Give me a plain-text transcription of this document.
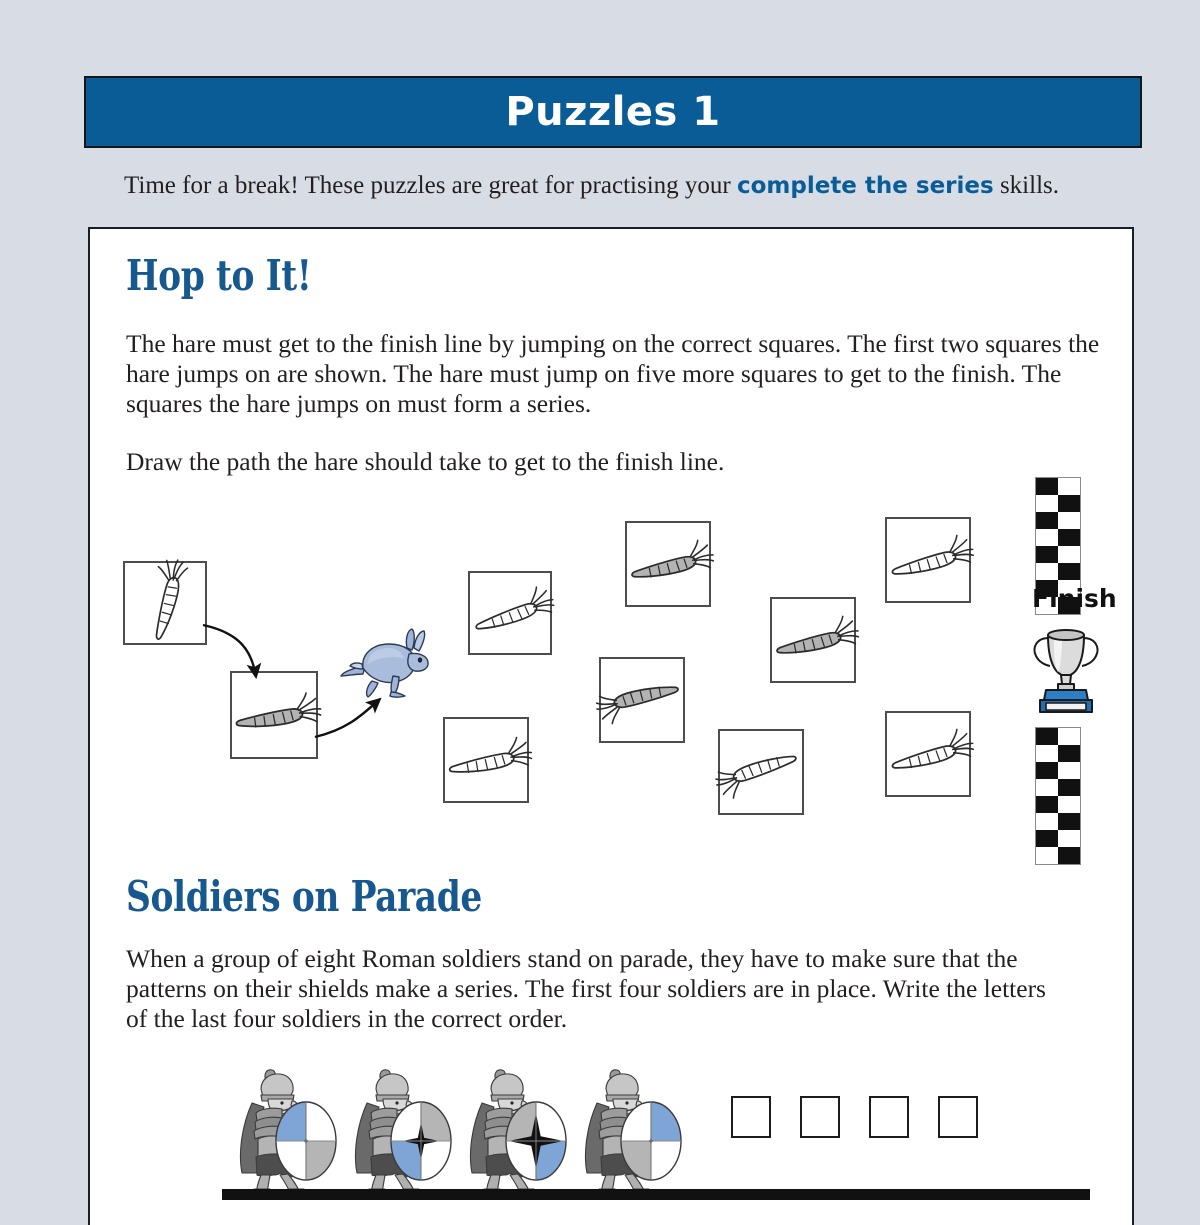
Puzzles 1
Time for a break! These puzzles are great for practising your complete the series skills.
Hop to It!
The hare must get to the finish line by jumping on the correct squares. The first two squares the hare jumps on are shown. The hare must jump on five more squares to get to the finish. The squares the hare jumps on must form a series.
Draw the path the hare should take to get to the finish line.
Finish
Soldiers on Parade
When a group of eight Roman soldiers stand on parade, they have to make sure that the patterns on their shields make a series. The first four soldiers are in place. Write the letters of the last four soldiers in the correct order.
